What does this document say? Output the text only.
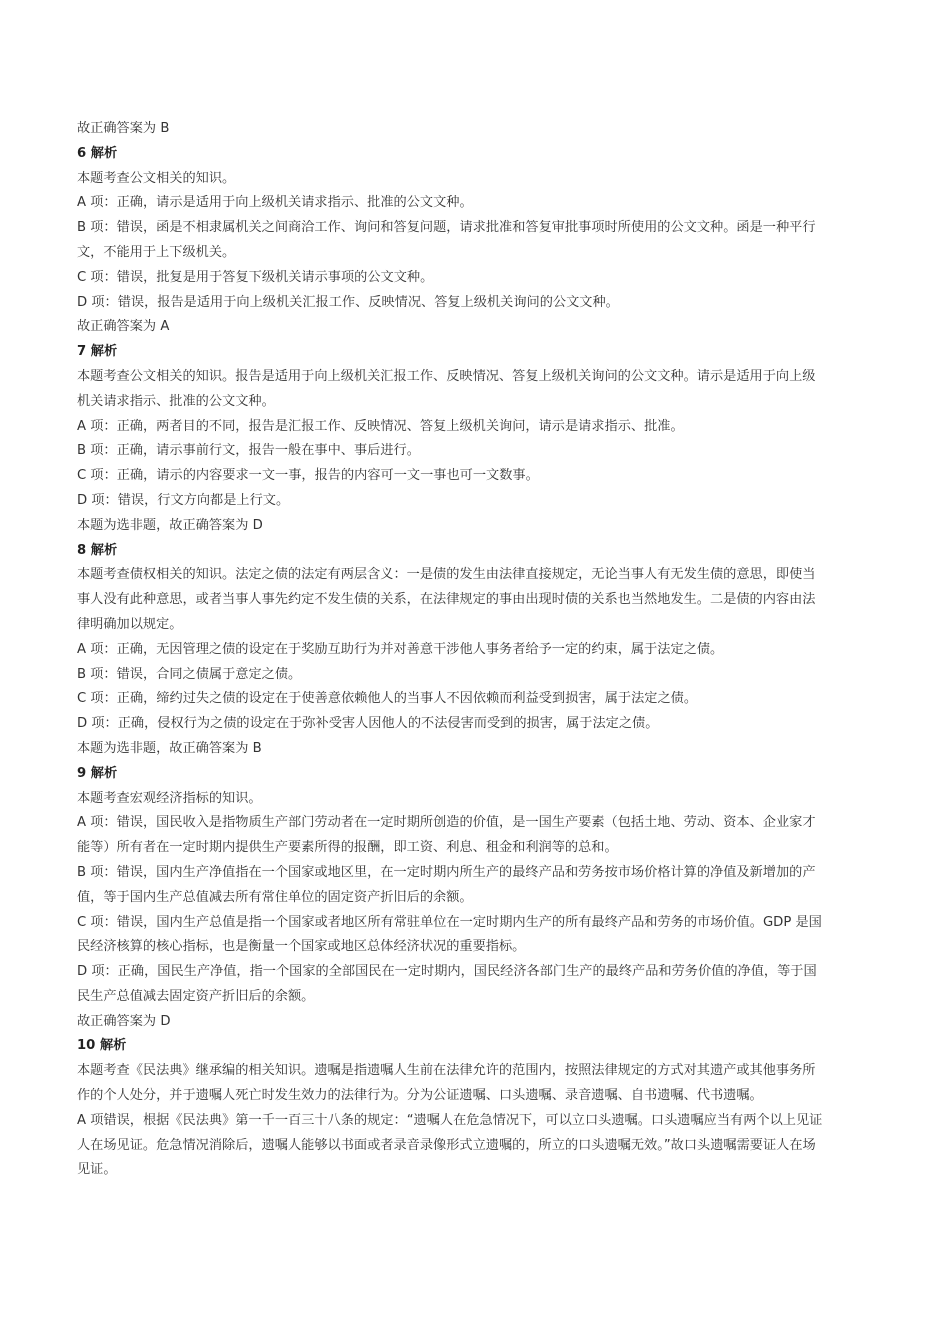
故正确答案为 B
6 解析
本题考查公文相关的知识。
A 项：正确，请示是适用于向上级机关请求指示、批准的公文文种。
B 项：错误，函是不相隶属机关之间商洽工作、询问和答复问题，请求批准和答复审批事项时所使用的公文文种。函是一种平行
文，不能用于上下级机关。
C 项：错误，批复是用于答复下级机关请示事项的公文文种。
D 项：错误，报告是适用于向上级机关汇报工作、反映情况、答复上级机关询问的公文文种。
故正确答案为 A
7 解析
本题考查公文相关的知识。报告是适用于向上级机关汇报工作、反映情况、答复上级机关询问的公文文种。请示是适用于向上级
机关请求指示、批准的公文文种。
A 项：正确，两者目的不同，报告是汇报工作、反映情况、答复上级机关询问，请示是请求指示、批准。
B 项：正确，请示事前行文，报告一般在事中、事后进行。
C 项：正确，请示的内容要求一文一事，报告的内容可一文一事也可一文数事。
D 项：错误，行文方向都是上行文。
本题为选非题，故正确答案为 D
8 解析
本题考查债权相关的知识。法定之债的法定有两层含义：一是债的发生由法律直接规定，无论当事人有无发生债的意思，即使当
事人没有此种意思，或者当事人事先约定不发生债的关系，在法律规定的事由出现时债的关系也当然地发生。二是债的内容由法
律明确加以规定。
A 项：正确，无因管理之债的设定在于奖励互助行为并对善意干涉他人事务者给予一定的约束，属于法定之债。
B 项：错误，合同之债属于意定之债。
C 项：正确，缔约过失之债的设定在于使善意依赖他人的当事人不因依赖而利益受到损害，属于法定之债。
D 项：正确，侵权行为之债的设定在于弥补受害人因他人的不法侵害而受到的损害，属于法定之债。
本题为选非题，故正确答案为 B
9 解析
本题考查宏观经济指标的知识。
A 项：错误，国民收入是指物质生产部门劳动者在一定时期所创造的价值，是一国生产要素（包括土地、劳动、资本、企业家才
能等）所有者在一定时期内提供生产要素所得的报酬，即工资、利息、租金和利润等的总和。
B 项：错误，国内生产净值指在一个国家或地区里，在一定时期内所生产的最终产品和劳务按市场价格计算的净值及新增加的产
值，等于国内生产总值减去所有常住单位的固定资产折旧后的余额。
C 项：错误，国内生产总值是指一个国家或者地区所有常驻单位在一定时期内生产的所有最终产品和劳务的市场价值。GDP 是国
民经济核算的核心指标，也是衡量一个国家或地区总体经济状况的重要指标。
D 项：正确，国民生产净值，指一个国家的全部国民在一定时期内，国民经济各部门生产的最终产品和劳务价值的净值，等于国
民生产总值减去固定资产折旧后的余额。
故正确答案为 D
10 解析
本题考查《民法典》继承编的相关知识。遗嘱是指遗嘱人生前在法律允许的范围内，按照法律规定的方式对其遗产或其他事务所
作的个人处分，并于遗嘱人死亡时发生效力的法律行为。分为公证遗嘱、口头遗嘱、录音遗嘱、自书遗嘱、代书遗嘱。
A 项错误，根据《民法典》第一千一百三十八条的规定：“遗嘱人在危急情况下，可以立口头遗嘱。口头遗嘱应当有两个以上见证
人在场见证。危急情况消除后，遗嘱人能够以书面或者录音录像形式立遗嘱的，所立的口头遗嘱无效。”故口头遗嘱需要证人在场
见证。
